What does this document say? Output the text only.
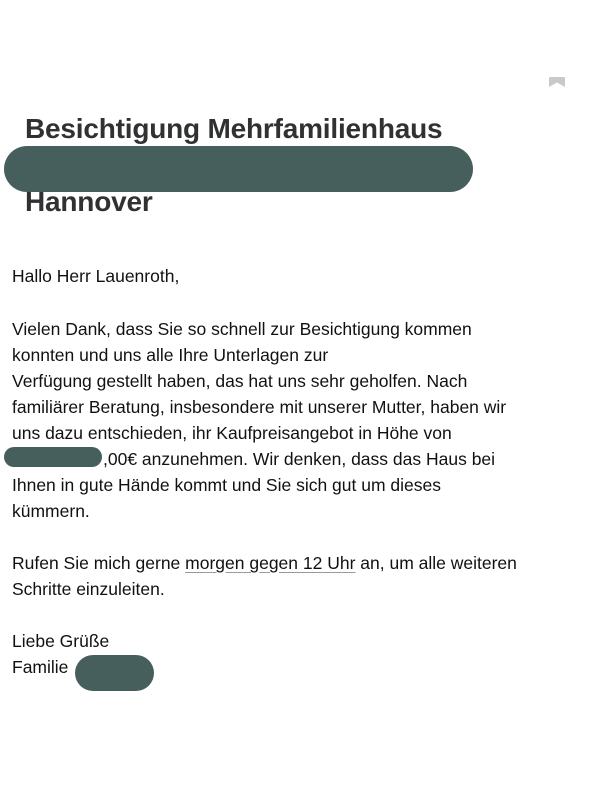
Besichtigung Mehrfamilienhaus
Hannover
Hallo Herr Lauenroth,
Vielen Dank, dass Sie so schnell zur Besichtigung kommen
konnten und uns alle Ihre Unterlagen zur
Verfügung gestellt haben, das hat uns sehr geholfen. Nach
familiärer Beratung, insbesondere mit unserer Mutter, haben wir
uns dazu entschieden, ihr Kaufpreisangebot in Höhe von
,00€ anzunehmen. Wir denken, dass das Haus bei
Ihnen in gute Hände kommt und Sie sich gut um dieses
kümmern.
Rufen Sie mich gerne morgen gegen 12 Uhr an, um alle weiteren
Schritte einzuleiten.
Liebe Grüße
Familie
